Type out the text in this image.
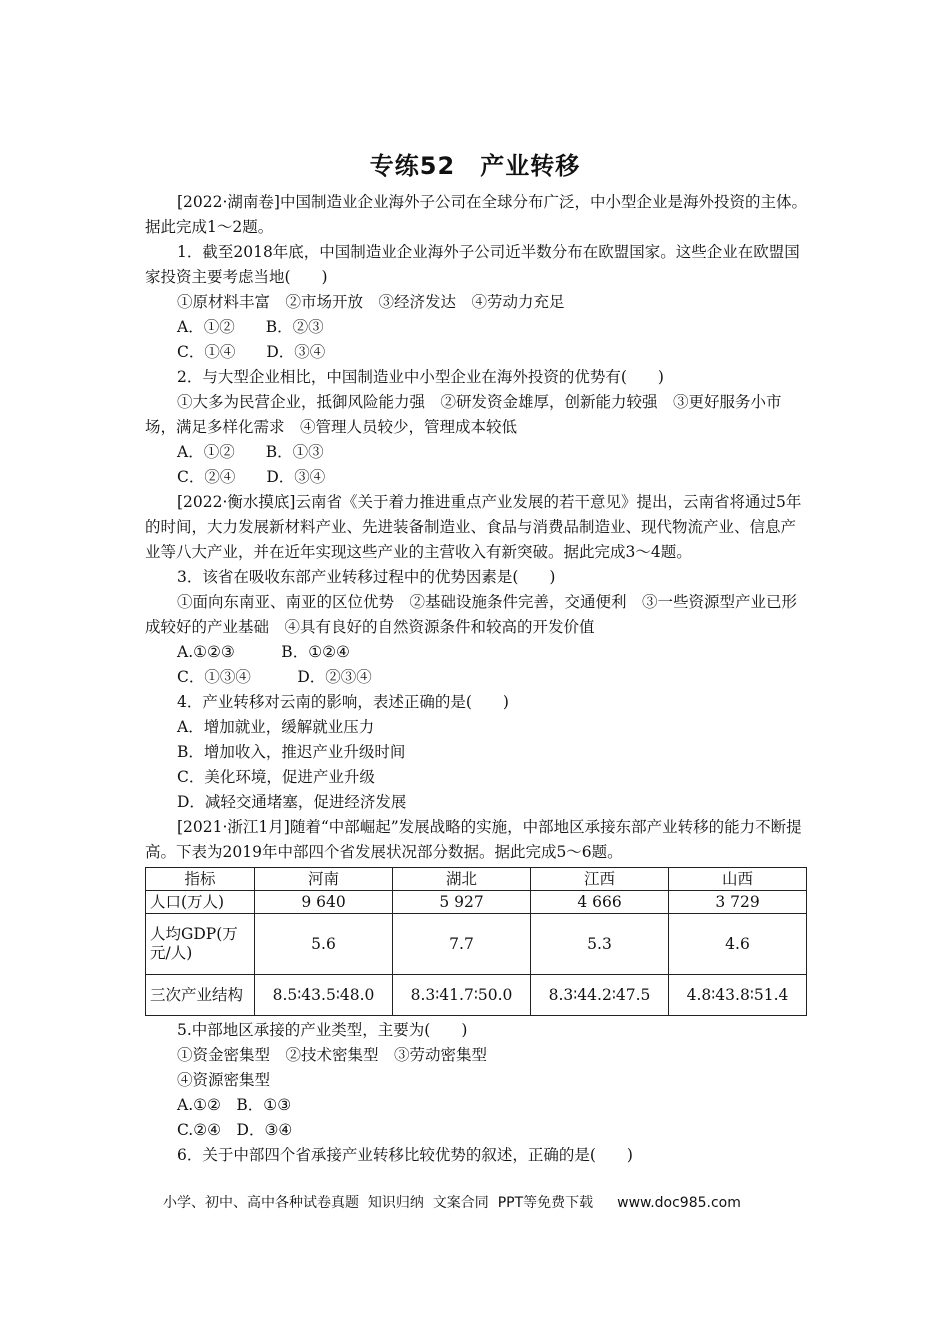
专练52　产业转移

[2022·湖南卷]中国制造业企业海外子公司在全球分布广泛，中小型企业是海外投资的主体。据此完成1～2题。

1．截至2018年底，中国制造业企业海外子公司近半数分布在欧盟国家。这些企业在欧盟国家投资主要考虑当地(　　)

①原材料丰富　②市场开放　③经济发达　④劳动力充足

A．①②　　B．②③

C．①④　　D．③④

2．与大型企业相比，中国制造业中小型企业在海外投资的优势有(　　)

①大多为民营企业，抵御风险能力强　②研发资金雄厚，创新能力较强　③更好服务小市场，满足多样化需求　④管理人员较少，管理成本较低

A．①②　　B．①③

C．②④　　D．③④

[2022·衡水摸底]云南省《关于着力推进重点产业发展的若干意见》提出，云南省将通过5年的时间，大力发展新材料产业、先进装备制造业、食品与消费品制造业、现代物流产业、信息产业等八大产业，并在近年实现这些产业的主营收入有新突破。据此完成3～4题。

3．该省在吸收东部产业转移过程中的优势因素是(　　)

①面向东南亚、南亚的区位优势　②基础设施条件完善，交通便利　③一些资源型产业已形成较好的产业基础　④具有良好的自然资源条件和较高的开发价值

A.①②③　　　B．①②④

C．①③④　　　D．②③④

4．产业转移对云南的影响，表述正确的是(　　)

A．增加就业，缓解就业压力

B．增加收入，推迟产业升级时间

C．美化环境，促进产业升级

D．减轻交通堵塞，促进经济发展

[2021·浙江1月]随着“中部崛起”发展战略的实施，中部地区承接东部产业转移的能力不断提高。下表为2019年中部四个省发展状况部分数据。据此完成5～6题。

指标	河南	湖北	江西	山西
人口(万人)	9 640	5 927	4 666	3 729
人均GDP(万元/人)	5.6	7.7	5.3	4.6
三次产业结构	8.5∶43.5∶48.0	8.3∶41.7∶50.0	8.3∶44.2∶47.5	4.8∶43.8∶51.4

5.中部地区承接的产业类型，主要为(　　)

①资金密集型　②技术密集型　③劳动密集型

④资源密集型

A.①②　B．①③

C.②④　D．③④

6．关于中部四个省承接产业转移比较优势的叙述，正确的是(　　)

小学、初中、高中各种试卷真题  知识归纳  文案合同  PPT等免费下载 www.doc985.com
